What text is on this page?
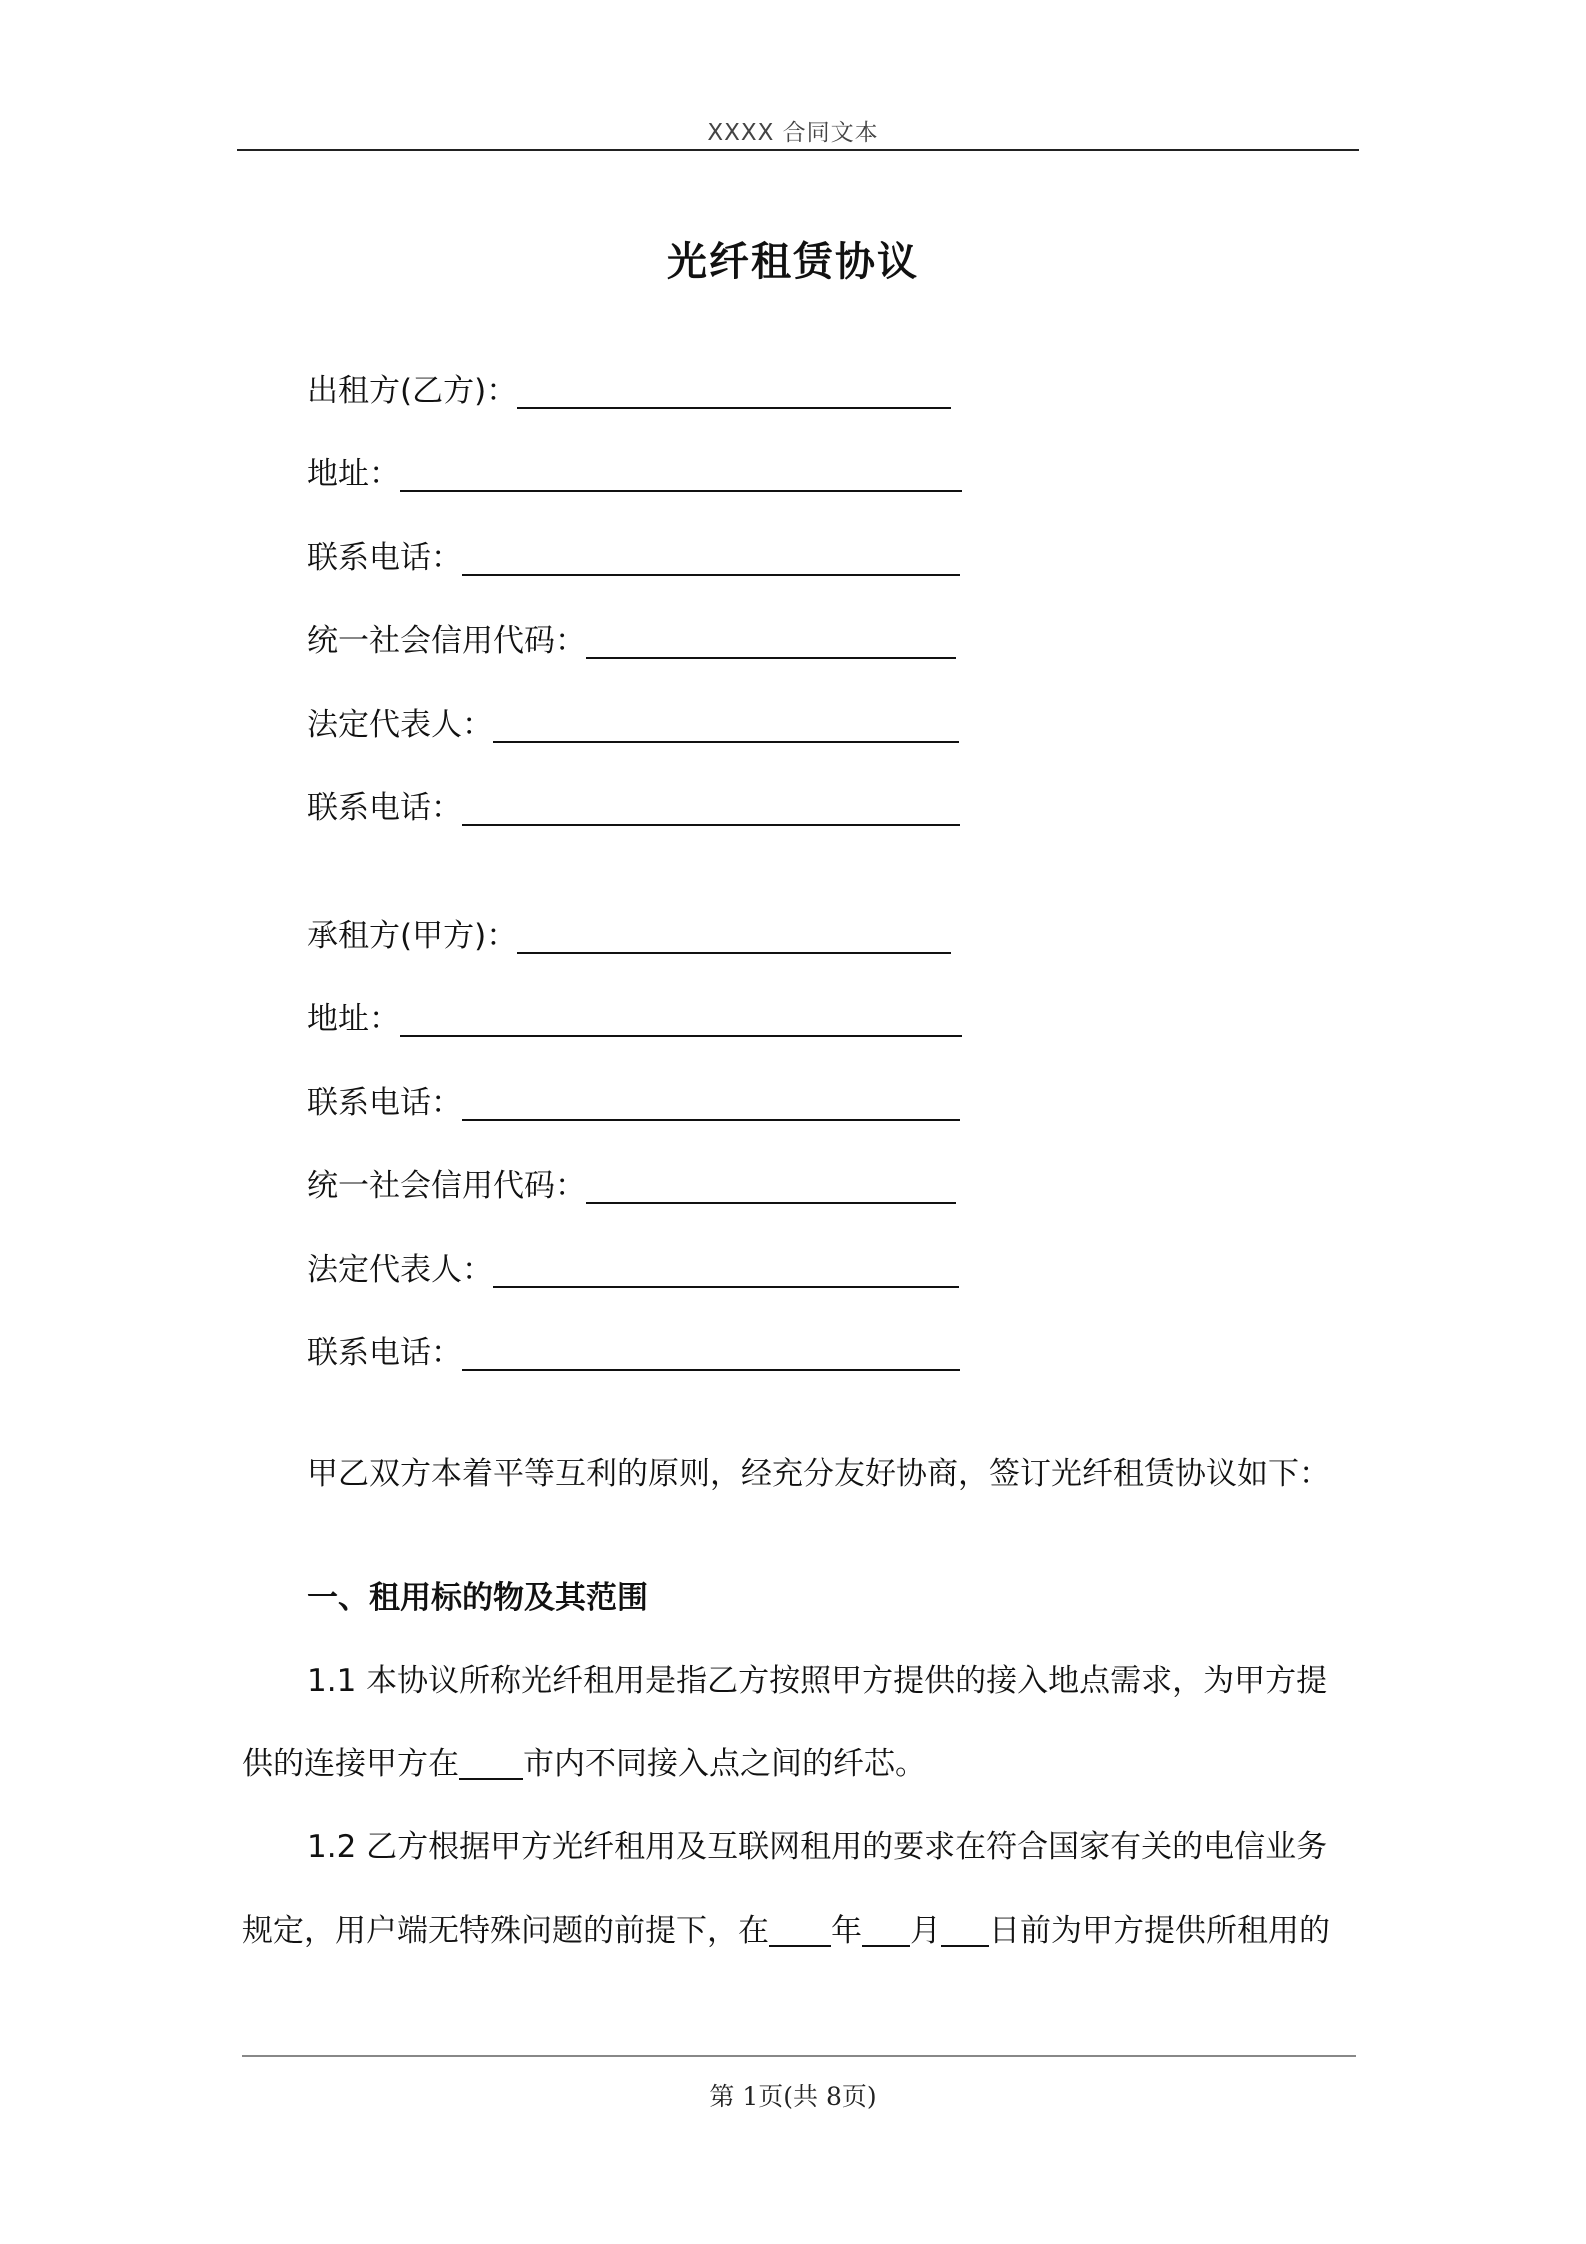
XXXX 合同文本
光纤租赁协议
出租方(乙方)：
地址：
联系电话：
统一社会信用代码：
法定代表人：
联系电话：
承租方(甲方)：
地址：
联系电话：
统一社会信用代码：
法定代表人：
联系电话：
甲乙双方本着平等互利的原则，经充分友好协商，签订光纤租赁协议如下：
一、租用标的物及其范围
1.1 本协议所称光纤租用是指乙方按照甲方提供的接入地点需求，为甲方提
供的连接甲方在 市内不同接入点之间的纤芯。
1.2 乙方根据甲方光纤租用及互联网租用的要求在符合国家有关的电信业务
规定，用户端无特殊问题的前提下，在 年 月 日前为甲方提供所租用的
第 1页(共 8页)
